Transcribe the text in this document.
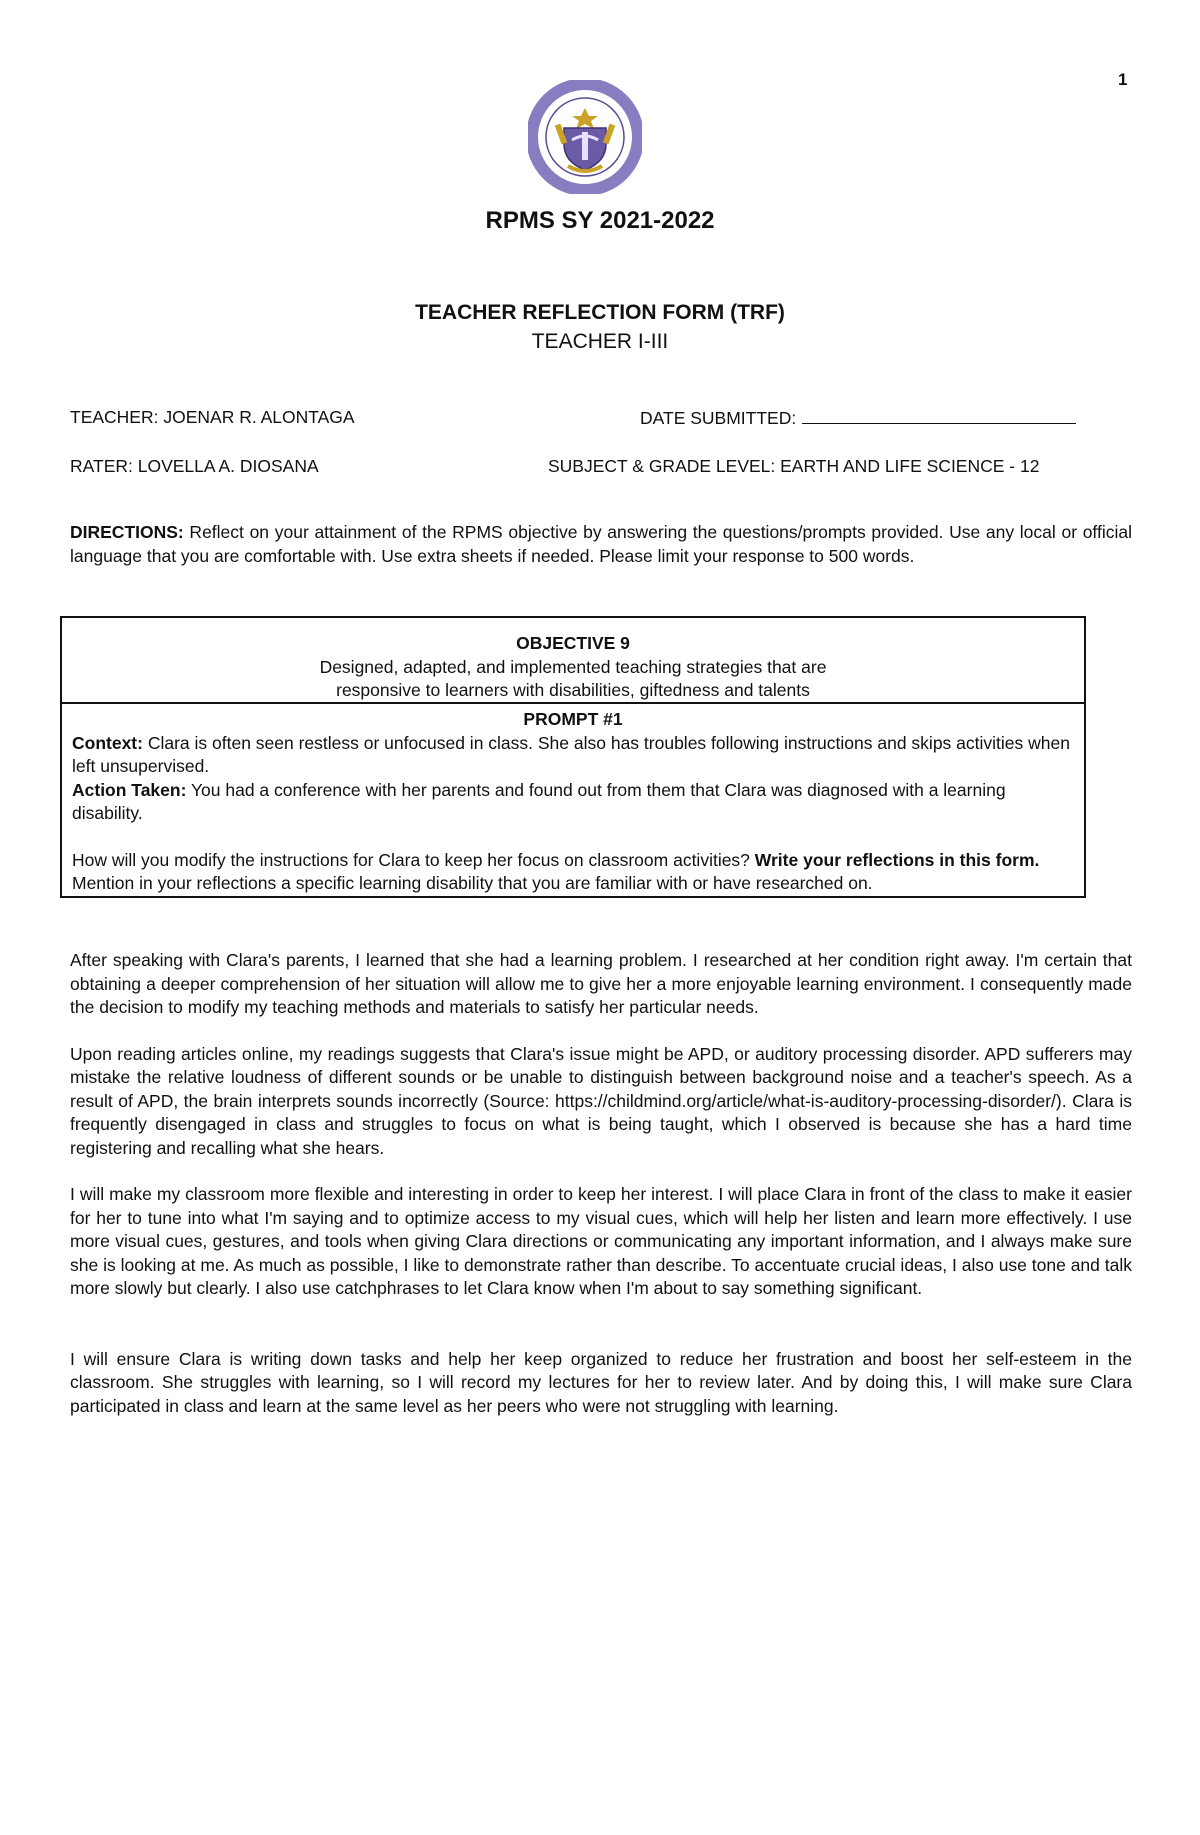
1
RPMS SY 2021-2022
TEACHER REFLECTION FORM (TRF)
TEACHER I-III
TEACHER: JOENAR R. ALONTAGA	DATE SUBMITTED:
RATER: LOVELLA A. DIOSANA	SUBJECT & GRADE LEVEL: EARTH AND LIFE SCIENCE - 12
DIRECTIONS: Reflect on your attainment of the RPMS objective by answering the questions/prompts provided. Use any local or official language that you are comfortable with. Use extra sheets if needed. Please limit your response to 500 words.
OBJECTIVE 9
Designed, adapted, and implemented teaching strategies that are
responsive to learners with disabilities, giftedness and talents
PROMPT #1

Context: Clara is often seen restless or unfocused in class. She also has troubles following instructions and skips activities when left unsupervised.

Action Taken: You had a conference with her parents and found out from them that Clara was diagnosed with a learning disability.

How will you modify the instructions for Clara to keep her focus on classroom activities? Write your reflections in this form. Mention in your reflections a specific learning disability that you are familiar with or have researched on.

After speaking with Clara's parents, I learned that she had a learning problem. I researched at her condition right away. I'm certain that obtaining a deeper comprehension of her situation will allow me to give her a more enjoyable learning environment. I consequently made the decision to modify my teaching methods and materials to satisfy her particular needs.

Upon reading articles online, my readings suggests that Clara's issue might be APD, or auditory processing disorder. APD sufferers may mistake the relative loudness of different sounds or be unable to distinguish between background noise and a teacher's speech. As a result of APD, the brain interprets sounds incorrectly (Source: https://childmind.org/article/what-is-auditory-processing-disorder/). Clara is frequently disengaged in class and struggles to focus on what is being taught, which I observed is because she has a hard time registering and recalling what she hears.

I will make my classroom more flexible and interesting in order to keep her interest. I will place Clara in front of the class to make it easier for her to tune into what I'm saying and to optimize access to my visual cues, which will help her listen and learn more effectively. I use more visual cues, gestures, and tools when giving Clara directions or communicating any important information, and I always make sure she is looking at me. As much as possible, I like to demonstrate rather than describe. To accentuate crucial ideas, I also use tone and talk more slowly but clearly. I also use catchphrases to let Clara know when I'm about to say something significant.

I will ensure Clara is writing down tasks and help her keep organized to reduce her frustration and boost her self-esteem in the classroom. She struggles with learning, so I will record my lectures for her to review later. And by doing this, I will make sure Clara participated in class and learn at the same level as her peers who were not struggling with learning.
